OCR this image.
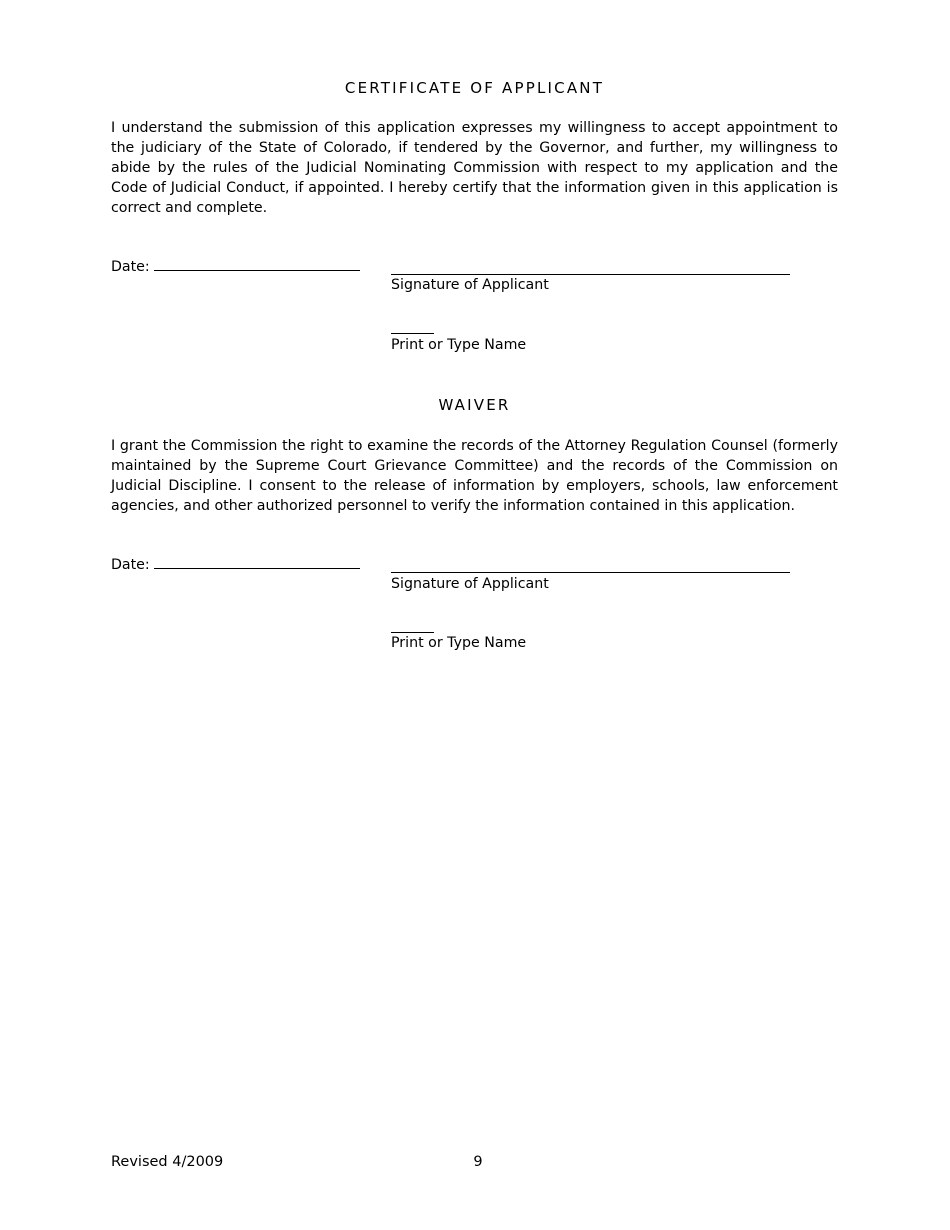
CERTIFICATE OF APPLICANT

I understand the submission of this application expresses my willingness to accept appointment to the judiciary of the State of Colorado, if tendered by the Governor, and further, my willingness to abide by the rules of the Judicial Nominating Commission with respect to my application and the Code of Judicial Conduct, if appointed. I hereby certify that the information given in this application is correct and complete.

Date:
Signature of Applicant
Print or Type Name
WAIVER

I grant the Commission the right to examine the records of the Attorney Regulation Counsel (formerly maintained by the Supreme Court Grievance Committee) and the records of the Commission on Judicial Discipline. I consent to the release of information by employers, schools, law enforcement agencies, and other authorized personnel to verify the information contained in this application.

Date:
Signature of Applicant
Print or Type Name
Revised 4/2009	9
